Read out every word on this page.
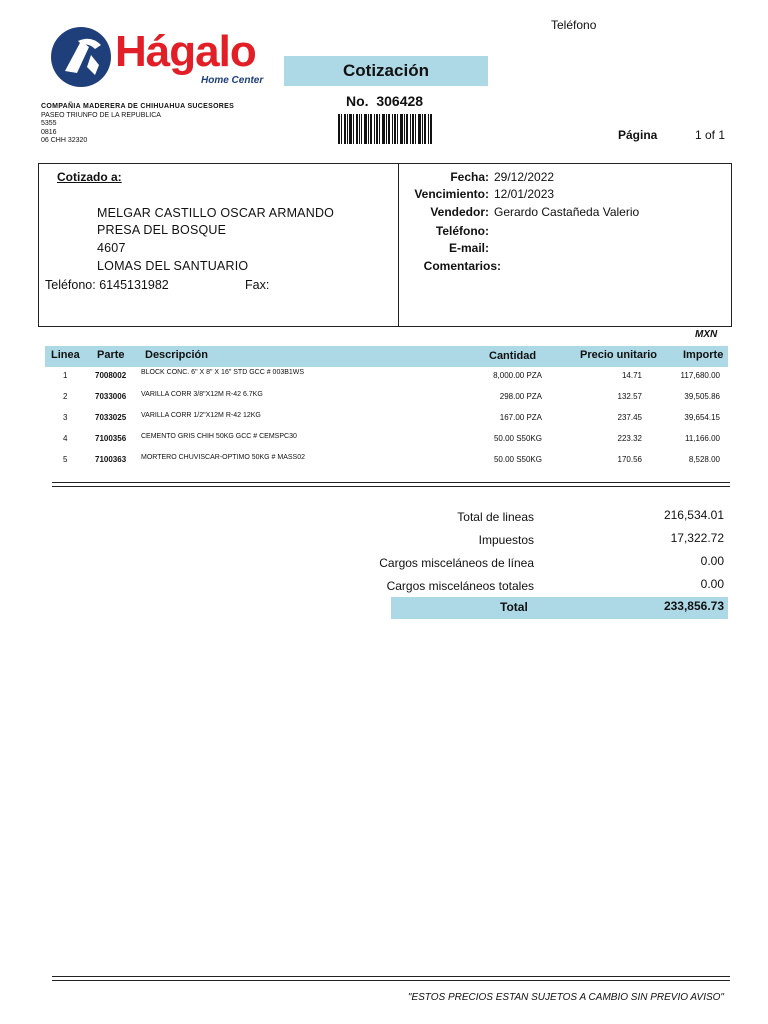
Hágalo
Home Center
COMPAÑIA MADERERA DE CHIHUAHUA SUCESORES
PASEO TRIUNFO DE LA REPUBLICA
5355
0816
06 CHH 32320
Teléfono
Cotización
No. 306428
Página	1 of 1
Cotizado a:
MELGAR CASTILLO OSCAR ARMANDO
PRESA DEL BOSQUE
4607
LOMAS DEL SANTUARIO
Teléfono: 6145131982	Fax:
Fecha: 29/12/2022
Vencimiento: 12/01/2023
Vendedor: Gerardo Castañeda Valerio
Teléfono:
E-mail:
Comentarios:
MXN
Linea Parte Descripción	Cantidad	Precio unitario Importe
1	7008002 BLOCK CONC. 6" X 8" X 16" STD GCC # 003B1WS	8,000.00 PZA	14.71	117,680.00
2	7033006 VARILLA CORR 3/8"X12M R-42 6.7KG	298.00 PZA	132.57	39,505.86
3	7033025 VARILLA CORR 1/2"X12M R-42 12KG	167.00 PZA	237.45	39,654.15
4	7100356 CEMENTO GRIS CHIH 50KG GCC # CEMSPC30	50.00 S50KG	223.32	11,166.00
5	7100363 MORTERO CHUVISCAR-OPTIMO 50KG # MASS02	50.00 S50KG	170.56	8,528.00
Total de lineas	216,534.01
Impuestos	17,322.72
Cargos misceláneos de línea	0.00
Cargos misceláneos totales	0.00
Total	233,856.73
"ESTOS PRECIOS ESTAN SUJETOS A CAMBIO SIN PREVIO AVISO"
